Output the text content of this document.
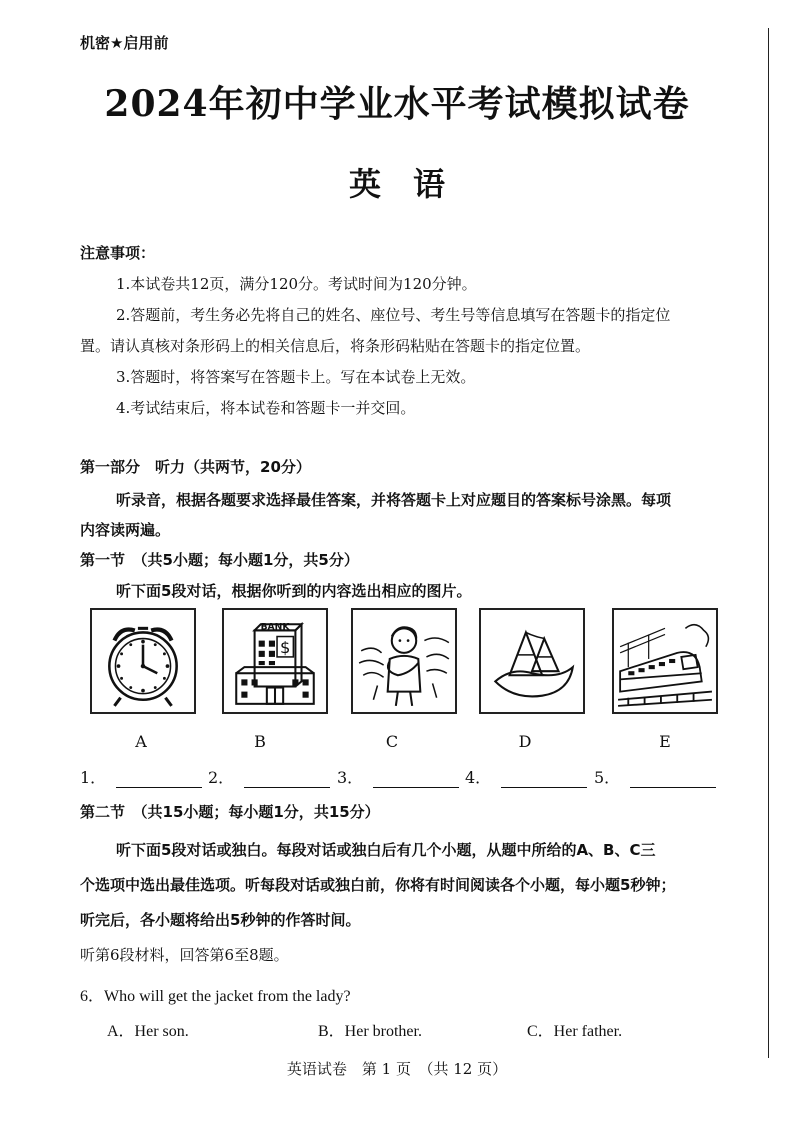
机密★启用前
2024年初中学业水平考试模拟试卷
英　语
注意事项：
1.本试卷共12页，满分120分。考试时间为120分钟。
2.答题前，考生务必先将自己的姓名、座位号、考生号等信息填写在答题卡的指定位
置。请认真核对条形码上的相关信息后，将条形码粘贴在答题卡的指定位置。
3.答题时，将答案写在答题卡上。写在本试卷上无效。
4.考试结束后，将本试卷和答题卡一并交回。
第一部分　听力（共两节，20分）
听录音，根据各题要求选择最佳答案，并将答题卡上对应题目的答案标号涂黑。每项
内容读两遍。
第一节　（共5小题；每小题1分，共5分）
听下面5段对话，根据你听到的内容选出相应的图片。
$
BANK
A	B	C	D	E
1．	2．	3．	4．	5．
第二节　（共15小题；每小题1分，共15分）
听下面5段对话或独白。每段对话或独白后有几个小题，从题中所给的A、B、C三
个选项中选出最佳选项。听每段对话或独白前，你将有时间阅读各个小题，每小题5秒钟；
听完后，各小题将给出5秒钟的作答时间。
听第6段材料，回答第6至8题。
6．Who will get the jacket from the lady?
A．Her son.	B．Her brother.	C．Her father.
英语试卷　第 1 页　（共 12 页）
